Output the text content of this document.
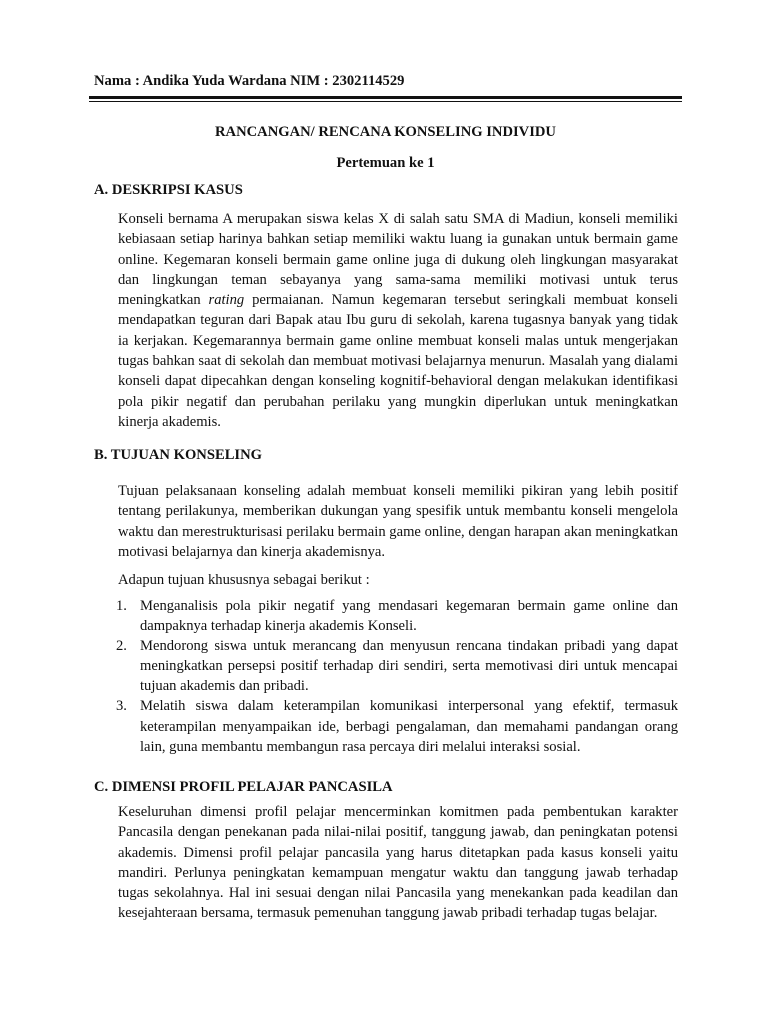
Nama : Andika Yuda Wardana NIM : 2302114529
RANCANGAN/ RENCANA KONSELING INDIVIDU
Pertemuan ke 1
A. DESKRIPSI KASUS

Konseli bernama A merupakan siswa kelas X di salah satu SMA di Madiun, konseli memiliki kebiasaan setiap harinya bahkan setiap memiliki waktu luang ia gunakan untuk bermain game online. Kegemaran konseli bermain game online juga di dukung oleh lingkungan masyarakat dan lingkungan teman sebayanya yang sama-sama memiliki motivasi untuk terus meningkatkan rating permaianan. Namun kegemaran tersebut seringkali membuat konseli mendapatkan teguran dari Bapak atau Ibu guru di sekolah, karena tugasnya banyak yang tidak ia kerjakan. Kegemarannya bermain game online membuat konseli malas untuk mengerjakan tugas bahkan saat di sekolah dan membuat motivasi belajarnya menurun. Masalah yang dialami konseli dapat dipecahkan dengan konseling kognitif-behavioral dengan melakukan identifikasi pola pikir negatif dan perubahan perilaku yang mungkin diperlukan untuk meningkatkan kinerja akademis.

B. TUJUAN KONSELING

Tujuan pelaksanaan konseling adalah membuat konseli memiliki pikiran yang lebih positif tentang perilakunya, memberikan dukungan yang spesifik untuk membantu konseli mengelola waktu dan merestrukturisasi perilaku bermain game online, dengan harapan akan meningkatkan motivasi belajarnya dan kinerja akademisnya.

Adapun tujuan khususnya sebagai berikut :

1. Menganalisis pola pikir negatif yang mendasari kegemaran bermain game online dan dampaknya terhadap kinerja akademis Konseli.
2. Mendorong siswa untuk merancang dan menyusun rencana tindakan pribadi yang dapat meningkatkan persepsi positif terhadap diri sendiri, serta memotivasi diri untuk mencapai tujuan akademis dan pribadi.
3. Melatih siswa dalam keterampilan komunikasi interpersonal yang efektif, termasuk keterampilan menyampaikan ide, berbagi pengalaman, dan memahami pandangan orang lain, guna membantu membangun rasa percaya diri melalui interaksi sosial.
C. DIMENSI PROFIL PELAJAR PANCASILA

Keseluruhan dimensi profil pelajar mencerminkan komitmen pada pembentukan karakter Pancasila dengan penekanan pada nilai-nilai positif, tanggung jawab, dan peningkatan potensi akademis. Dimensi profil pelajar pancasila yang harus ditetapkan pada kasus konseli yaitu mandiri. Perlunya peningkatan kemampuan mengatur waktu dan tanggung jawab terhadap tugas sekolahnya. Hal ini sesuai dengan nilai Pancasila yang menekankan pada keadilan dan kesejahteraan bersama, termasuk pemenuhan tanggung jawab pribadi terhadap tugas belajar.
